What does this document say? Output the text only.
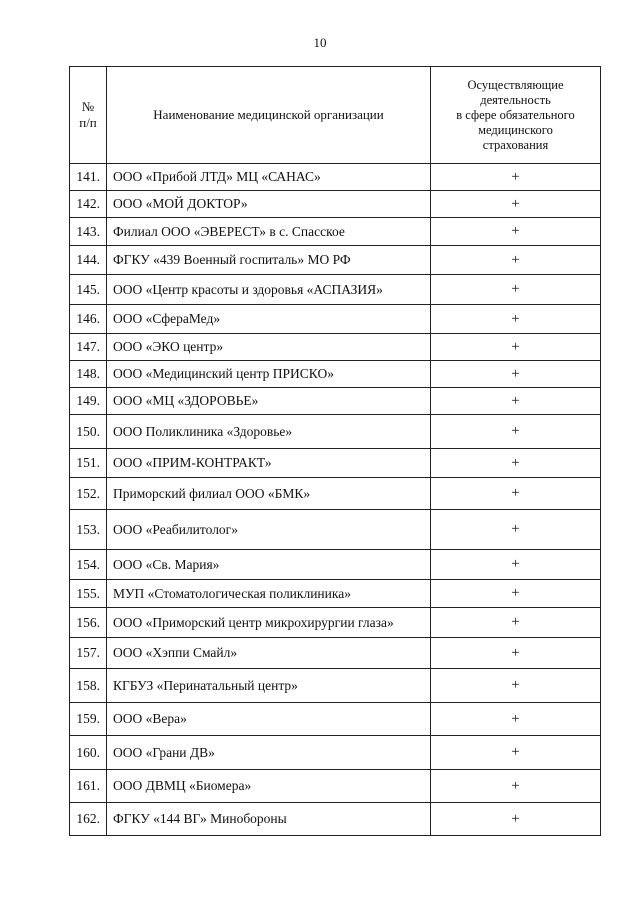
10
№
п/п	Наименование медицинской организации	Осуществляющие
деятельность
в сфере обязательного
медицинского
страхования

141.	ООО «Прибой ЛТД» МЦ «САНАС»	+
142.	ООО «МОЙ ДОКТОР»	+
143.	Филиал ООО «ЭВЕРЕСТ» в с. Спасское	+
144.	ФГКУ «439 Военный госпиталь» МО РФ	+
145.	ООО «Центр красоты и здоровья «АСПАЗИЯ»	+
146.	ООО «СфераМед»	+
147.	ООО «ЭКО центр»	+
148.	ООО «Медицинский центр ПРИСКО»	+
149.	ООО «МЦ «ЗДОРОВЬЕ»	+
150.	ООО Поликлиника «Здоровье»	+
151.	ООО «ПРИМ-КОНТРАКТ»	+
152.	Приморский филиал ООО «БМК»	+
153.	ООО «Реабилитолог»	+
154.	ООО «Св. Мария»	+
155.	МУП «Стоматологическая поликлиника»	+
156.	ООО «Приморский центр микрохирургии глаза»	+
157.	ООО «Хэппи Смайл»	+
158.	КГБУЗ «Перинатальный центр»	+
159.	ООО «Вера»	+
160.	ООО «Грани ДВ»	+
161.	ООО ДВМЦ «Биомера»	+
162.	ФГКУ «144 ВГ» Минобороны	+
